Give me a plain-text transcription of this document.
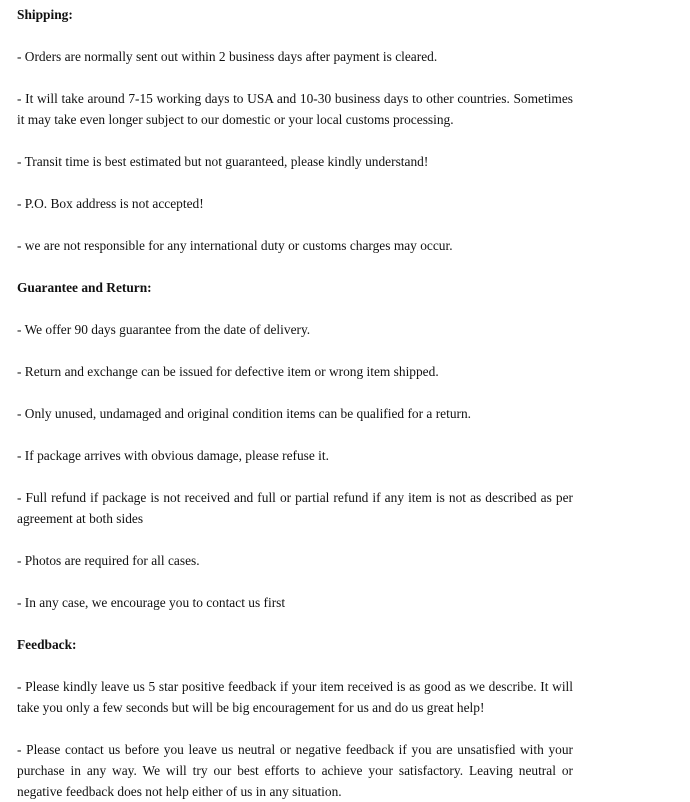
Shipping:

- Orders are normally sent out within 2 business days after payment is cleared.

- It will take around 7-15 working days to USA and 10-30 business days to other countries. Sometimes it may take even longer subject to our domestic or your local customs processing.

- Transit time is best estimated but not guaranteed, please kindly understand!

- P.O. Box address is not accepted!

- we are not responsible for any international duty or customs charges may occur.

Guarantee and Return:

- We offer 90 days guarantee from the date of delivery.

- Return and exchange can be issued for defective item or wrong item shipped.

- Only unused, undamaged and original condition items can be qualified for a return.

- If package arrives with obvious damage, please refuse it.

- Full refund if package is not received and full or partial refund if any item is not as described as per agreement at both sides

- Photos are required for all cases.

- In any case, we encourage you to contact us first

Feedback:

- Please kindly leave us 5 star positive feedback if your item received is as good as we describe. It will take you only a few seconds but will be big encouragement for us and do us great help!

- Please contact us before you leave us neutral or negative feedback if you are unsatisfied with your purchase in any way. We will try our best efforts to achieve your satisfactory. Leaving neutral or negative feedback does not help either of us in any situation.
